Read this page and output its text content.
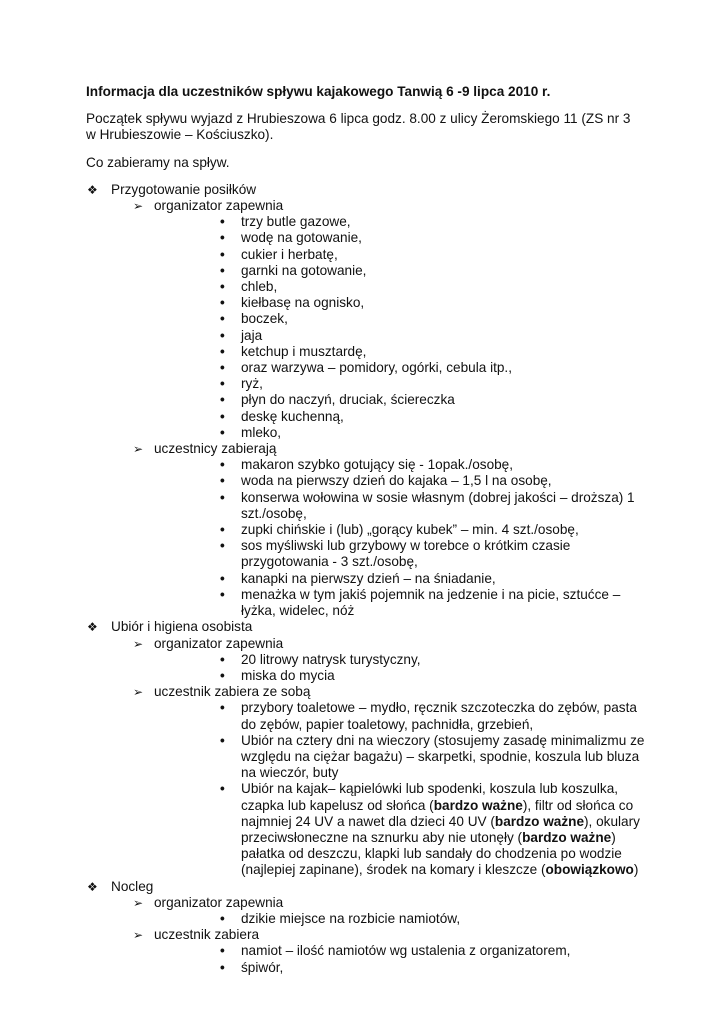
Informacja dla uczestników spływu kajakowego Tanwią 6 -9 lipca 2010 r.
Początek spływu wyjazd z Hrubieszowa 6 lipca godz. 8.00 z ulicy Żeromskiego 11 (ZS nr 3
w Hrubieszowie – Kościuszko).
Co zabieramy na spływ.
❖ Przygotowanie posiłków
➢ organizator zapewnia
• trzy butle gazowe,
• wodę na gotowanie,
• cukier i herbatę,
• garnki na gotowanie,
• chleb,
• kiełbasę na ognisko,
• boczek,
• jaja
• ketchup i musztardę,
• oraz warzywa – pomidory, ogórki, cebula itp.,
• ryż,
• płyn do naczyń, druciak, ściereczka
• deskę kuchenną,
• mleko,
➢ uczestnicy zabierają
• makaron szybko gotujący się - 1opak./osobę,
• woda na pierwszy dzień do kajaka – 1,5 l na osobę,
• konserwa wołowina w sosie własnym (dobrej jakości – droższa) 1 szt./osobę,
• zupki chińskie i (lub) „gorący kubek” – min. 4 szt./osobę,
• sos myśliwski lub grzybowy w torebce o krótkim czasie przygotowania - 3 szt./osobę,
• kanapki na pierwszy dzień – na śniadanie,
• menażka w tym jakiś pojemnik na jedzenie i na picie, sztućce – łyżka, widelec, nóż
❖ Ubiór i higiena osobista
➢ organizator zapewnia
• 20 litrowy natrysk turystyczny,
• miska do mycia
➢ uczestnik zabiera ze sobą
• przybory toaletowe – mydło, ręcznik szczoteczka do zębów, pasta do zębów, papier toaletowy, pachnidła, grzebień,
• Ubiór na cztery dni na wieczory (stosujemy zasadę minimalizmu ze względu na ciężar bagażu) – skarpetki, spodnie, koszula lub bluza na wieczór, buty
• Ubiór na kajak– kąpielówki lub spodenki, koszula lub koszulka, czapka lub kapelusz od słońca (bardzo ważne), filtr od słońca co najmniej 24 UV a nawet dla dzieci 40 UV (bardzo ważne), okulary przeciwsłoneczne na sznurku aby nie utonęły (bardzo ważne) pałatka od deszczu, klapki lub sandały do chodzenia po wodzie (najlepiej zapinane), środek na komary i kleszcze (obowiązkowo)
❖ Nocleg
➢ organizator zapewnia
• dzikie miejsce na rozbicie namiotów,
➢ uczestnik zabiera
• namiot – ilość namiotów wg ustalenia z organizatorem,
• śpiwór,
